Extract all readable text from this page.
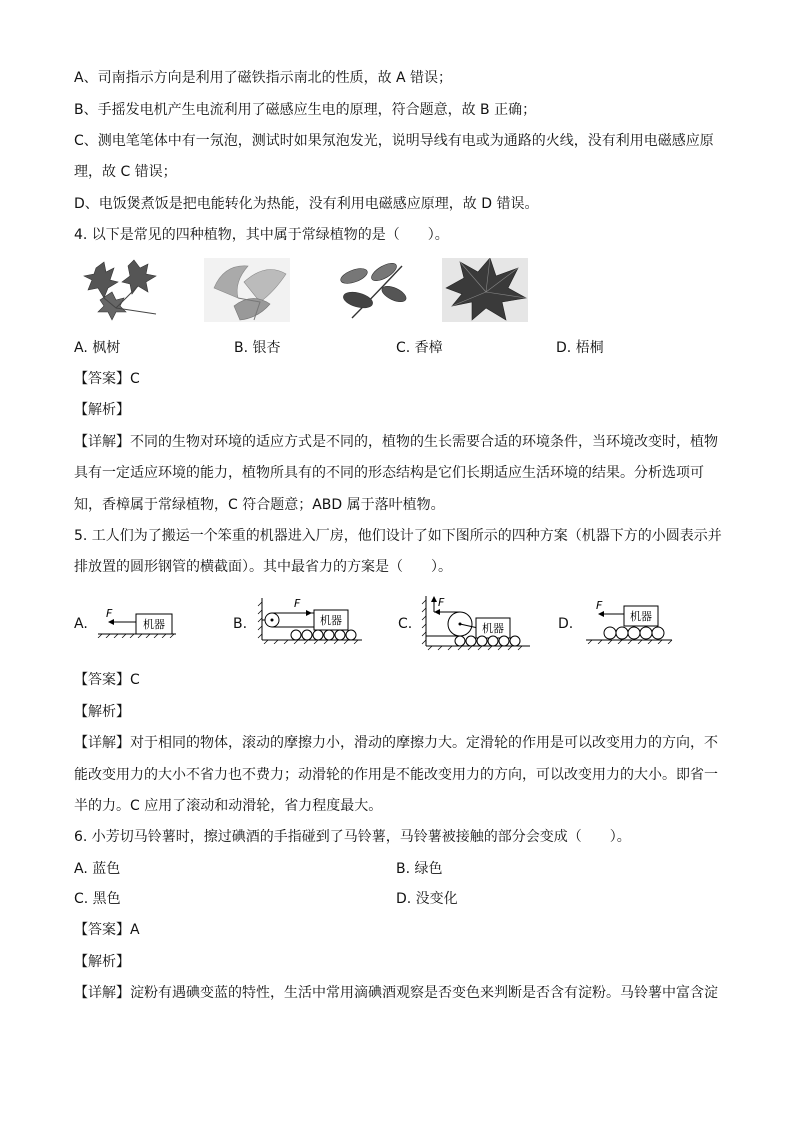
A、司南指示方向是利用了磁铁指示南北的性质，故 A 错误；
B、手摇发电机产生电流利用了磁感应生电的原理，符合题意，故 B 正确；
C、测电笔笔体中有一氖泡，测试时如果氖泡发光，说明导线有电或为通路的火线，没有利用电磁感应原
理，故 C 错误；
D、电饭煲煮饭是把电能转化为热能，没有利用电磁感应原理，故 D 错误。
4. 以下是常见的四种植物，其中属于常绿植物的是（　　）。
A. 枫树	B. 银杏	C. 香樟	D. 梧桐
【答案】C
【解析】
【详解】不同的生物对环境的适应方式是不同的，植物的生长需要合适的环境条件，当环境改变时，植物
具有一定适应环境的能力，植物所具有的不同的形态结构是它们长期适应生活环境的结果。分析选项可
知，香樟属于常绿植物，C 符合题意；ABD 属于落叶植物。
5. 工人们为了搬运一个笨重的机器进入厂房，他们设计了如下图所示的四种方案（机器下方的小圆表示并
排放置的圆形钢管的横截面）。其中最省力的方案是（　　）。
A.	B.	C.	D.
机器
F
F
机器
F
机器
机器
F
【答案】C
【解析】
【详解】对于相同的物体，滚动的摩擦力小，滑动的摩擦力大。定滑轮的作用是可以改变用力的方向，不
能改变用力的大小不省力也不费力；动滑轮的作用是不能改变用力的方向，可以改变用力的大小。即省一
半的力。C 应用了滚动和动滑轮，省力程度最大。
6. 小芳切马铃薯时，擦过碘酒的手指碰到了马铃薯，马铃薯被接触的部分会变成（　　）。
A. 蓝色	B. 绿色
C. 黑色	D. 没变化
【答案】A
【解析】
【详解】淀粉有遇碘变蓝的特性，生活中常用滴碘酒观察是否变色来判断是否含有淀粉。马铃薯中富含淀
